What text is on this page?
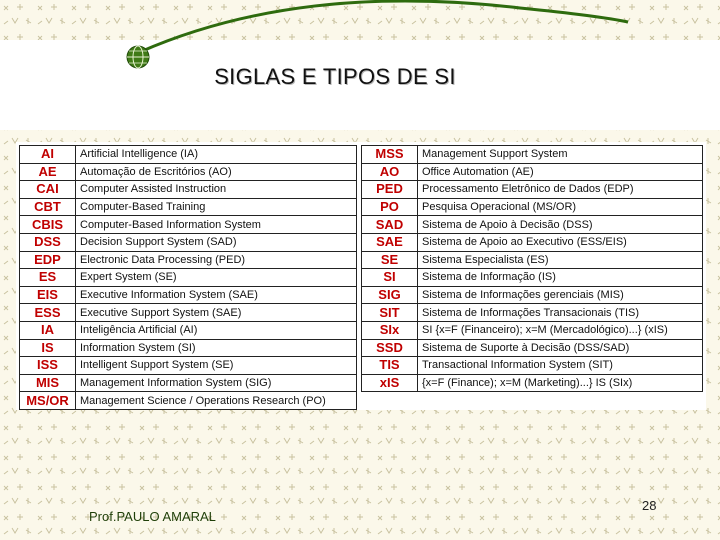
SIGLAS E TIPOS DE SI
AI	Artificial Intelligence (IA)
AE	Automação de Escritórios (AO)
CAI	Computer Assisted Instruction
CBT	Computer-Based Training
CBIS	Computer-Based Information System
DSS	Decision Support System (SAD)
EDP	Electronic Data Processing (PED)
ES	Expert System (SE)
EIS	Executive Information System (SAE)
ESS	Executive Support System (SAE)
IA	Inteligência Artificial (AI)
IS	Information System (SI)
ISS	Intelligent Support System (SE)
MIS	Management Information System (SIG)
MS/OR	Management Science / Operations Research (PO)
MSS	Management Support System
AO	Office Automation (AE)
PED	Processamento Eletrônico de Dados (EDP)
PO	Pesquisa Operacional (MS/OR)
SAD	Sistema de Apoio à Decisão (DSS)
SAE	Sistema de Apoio ao Executivo (ESS/EIS)
SE	Sistema Especialista (ES)
SI	Sistema de Informação (IS)
SIG	Sistema de Informações gerenciais (MIS)
SIT	Sistema de Informações Transacionais (TIS)
SIx	SI {x=F (Financeiro); x=M (Mercadológico)...} (xIS)
SSD	Sistema de Suporte à Decisão (DSS/SAD)
TIS	Transactional Information System (SIT)
xIS	{x=F (Finance); x=M (Marketing)...} IS (SIx)
Prof.PAULO AMARAL
28
